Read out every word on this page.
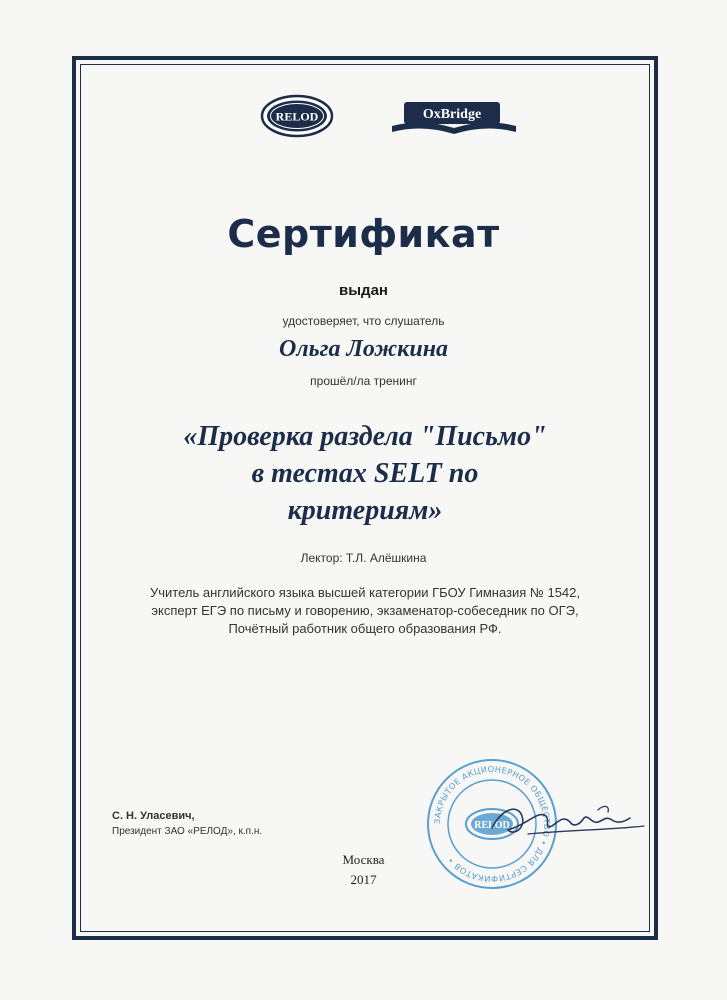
RELOD	OxBridge
Сертификат
выдан
удостоверяет, что слушатель
Ольга Ложкина
прошёл/ла тренинг
«Проверка раздела "Письмо"
в тестах SELT по
критериям»
Лектор: Т.Л. Алёшкина
Учитель английского языка высшей категории ГБОУ Гимназия № 1542, эксперт ЕГЭ по письму и говорению, экзаменатор-собеседник по ОГЭ, Почётный работник общего образования РФ.
С. Н. Уласевич,
Президент ЗАО «РЕЛОД», к.п.н.
Москва
2017
ЗАКРЫТОЕ АКЦИОНЕРНОЕ ОБЩЕСТВО • ДЛЯ СЕРТИФИКАТОВ •
RELOD
